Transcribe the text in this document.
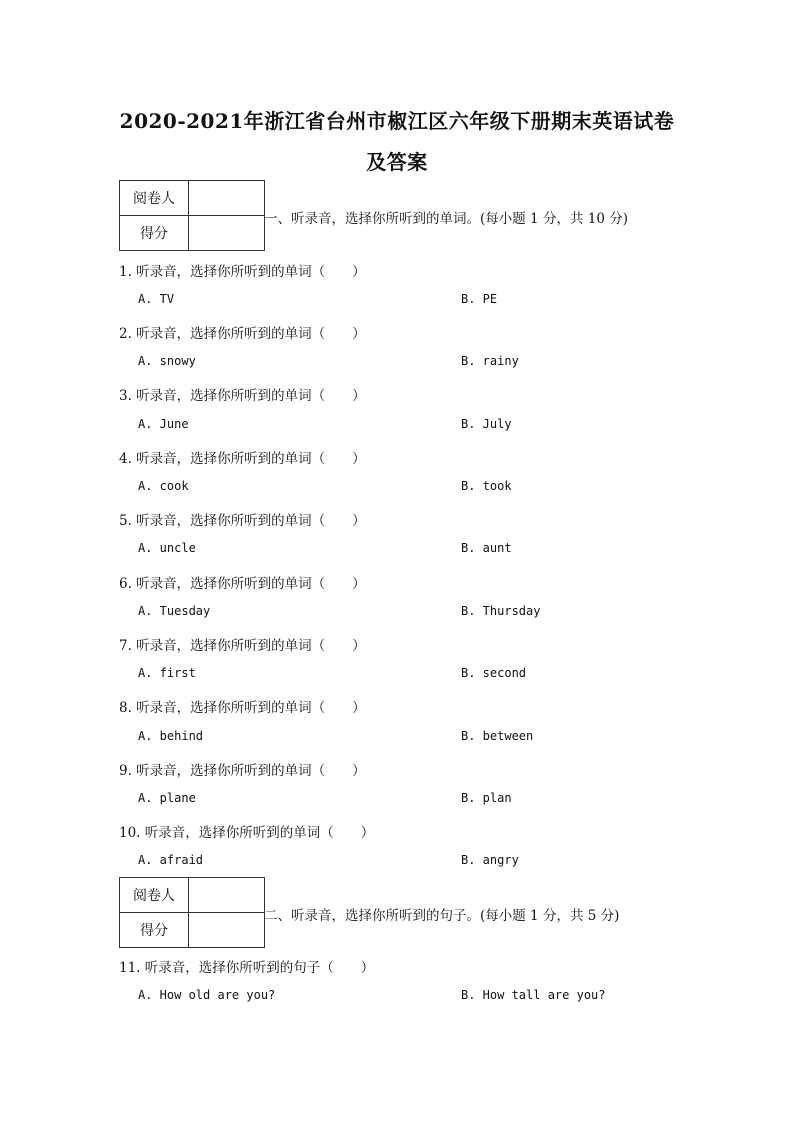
2020-2021年浙江省台州市椒江区六年级下册期末英语试卷
及答案
阅卷人	
得分	
一、听录音，选择你所听到的单词。(每小题 1 分，共 10 分)
1. 听录音，选择你所听到的单词（　　）
A. TV	B. PE
2. 听录音，选择你所听到的单词（　　）
A. snowy	B. rainy
3. 听录音，选择你所听到的单词（　　）
A. June	B. July
4. 听录音，选择你所听到的单词（　　）
A. cook	B. took
5. 听录音，选择你所听到的单词（　　）
A. uncle	B. aunt
6. 听录音，选择你所听到的单词（　　）
A. Tuesday	B. Thursday
7. 听录音，选择你所听到的单词（　　）
A. first	B. second
8. 听录音，选择你所听到的单词（　　）
A. behind	B. between
9. 听录音，选择你所听到的单词（　　）
A. plane	B. plan
10. 听录音，选择你所听到的单词（　　）
A. afraid	B. angry
阅卷人	
得分	
二、听录音，选择你所听到的句子。(每小题 1 分，共 5 分)
11. 听录音，选择你所听到的句子（　　）
A. How old are you?	B. How tall are you?
